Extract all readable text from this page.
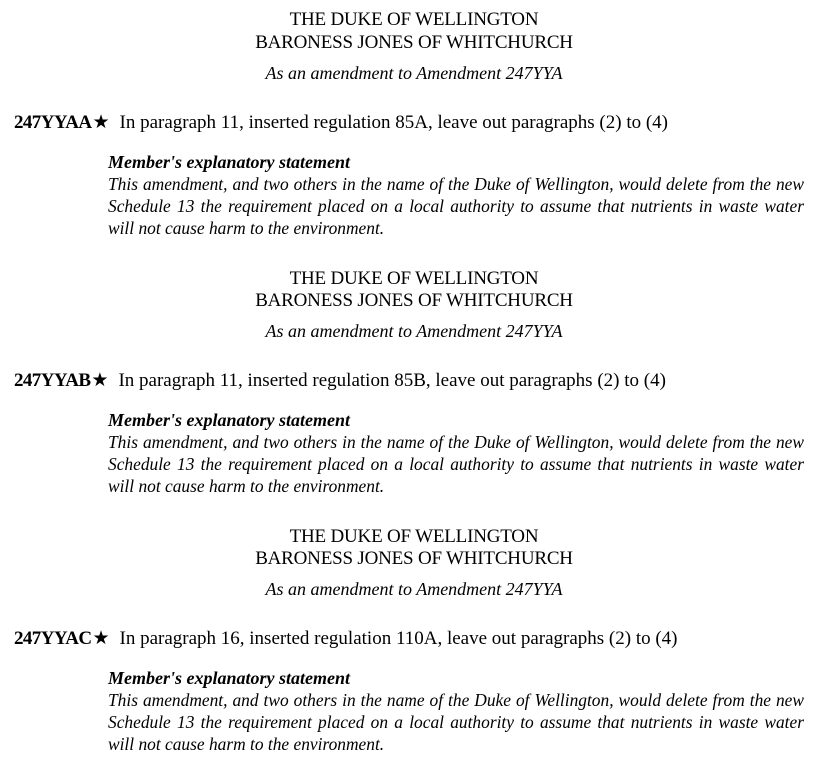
THE DUKE OF WELLINGTON
BARONESS JONES OF WHITCHURCH
As an amendment to Amendment 247YYA
247YYAA★ In paragraph 11, inserted regulation 85A, leave out paragraphs (2) to (4)
Member's explanatory statement
This amendment, and two others in the name of the Duke of Wellington, would delete from the new Schedule 13 the requirement placed on a local authority to assume that nutrients in waste water will not cause harm to the environment.
THE DUKE OF WELLINGTON
BARONESS JONES OF WHITCHURCH
As an amendment to Amendment 247YYA
247YYAB★ In paragraph 11, inserted regulation 85B, leave out paragraphs (2) to (4)
Member's explanatory statement
This amendment, and two others in the name of the Duke of Wellington, would delete from the new Schedule 13 the requirement placed on a local authority to assume that nutrients in waste water will not cause harm to the environment.
THE DUKE OF WELLINGTON
BARONESS JONES OF WHITCHURCH
As an amendment to Amendment 247YYA
247YYAC★ In paragraph 16, inserted regulation 110A, leave out paragraphs (2) to (4)
Member's explanatory statement
This amendment, and two others in the name of the Duke of Wellington, would delete from the new Schedule 13 the requirement placed on a local authority to assume that nutrients in waste water will not cause harm to the environment.
